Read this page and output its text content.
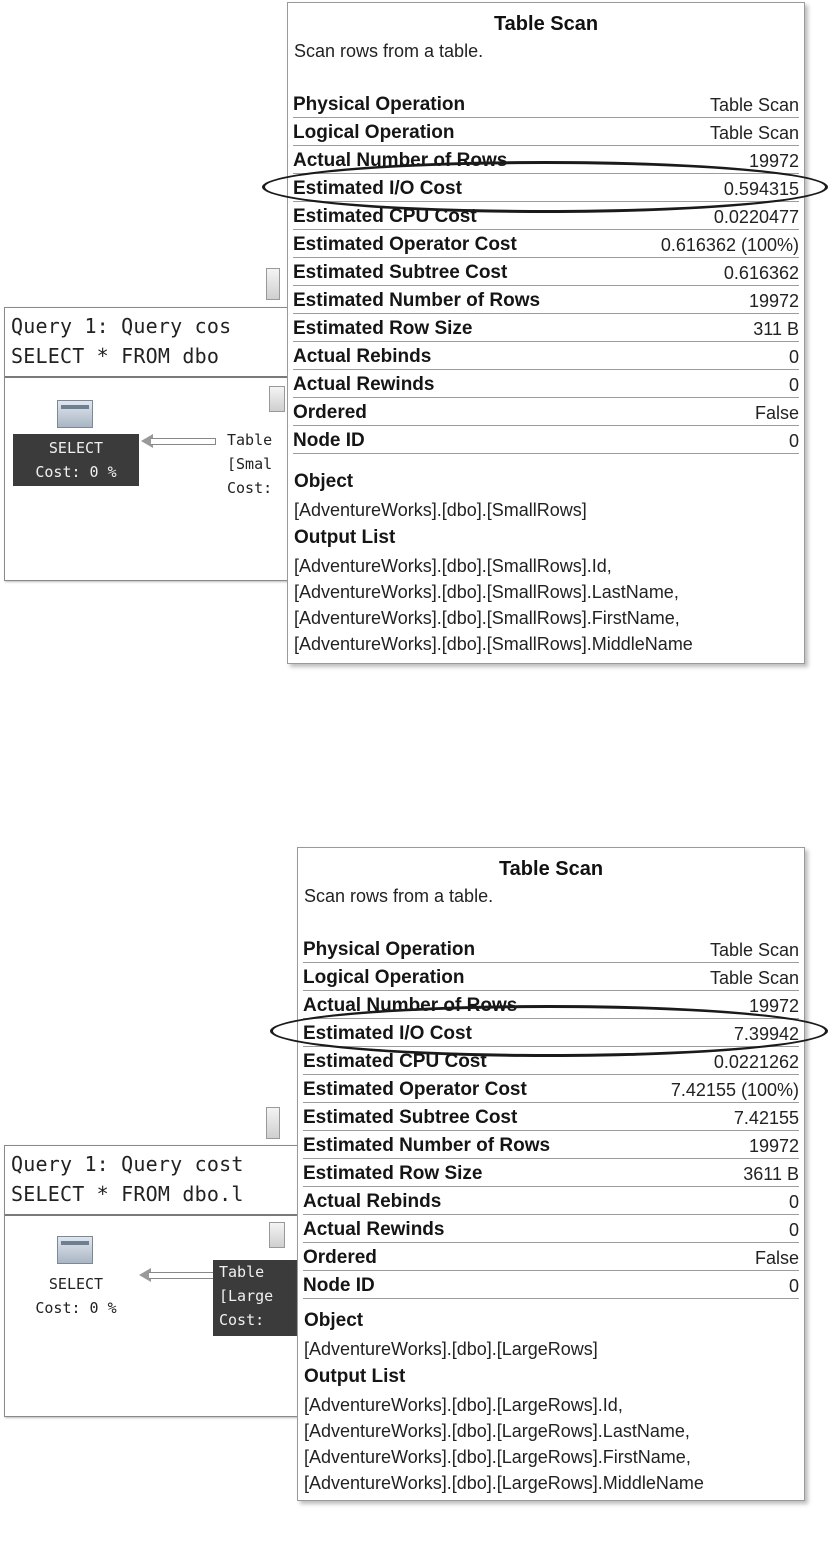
Query 1: Query cos
SELECT * FROM dbo
SELECT
Cost: 0 %
Table
[Smal
Cost:
Table Scan
Scan rows from a table.
Physical Operation	Table Scan
Logical Operation	Table Scan
Actual Number of Rows	19972
Estimated I/O Cost	0.594315
Estimated CPU Cost	0.0220477
Estimated Operator Cost	0.616362 (100%)
Estimated Subtree Cost	0.616362
Estimated Number of Rows	19972
Estimated Row Size	311 B
Actual Rebinds	0
Actual Rewinds	0
Ordered	False
Node ID	0
Object
[AdventureWorks].[dbo].[SmallRows]
Output List
[AdventureWorks].[dbo].[SmallRows].Id,
[AdventureWorks].[dbo].[SmallRows].LastName,
[AdventureWorks].[dbo].[SmallRows].FirstName,
[AdventureWorks].[dbo].[SmallRows].MiddleName
Query 1: Query cost
SELECT * FROM dbo.l
SELECT
Cost: 0 %
Table
[Large
Cost:
Table Scan
Scan rows from a table.
Physical Operation	Table Scan
Logical Operation	Table Scan
Actual Number of Rows	19972
Estimated I/O Cost	7.39942
Estimated CPU Cost	0.0221262
Estimated Operator Cost	7.42155 (100%)
Estimated Subtree Cost	7.42155
Estimated Number of Rows	19972
Estimated Row Size	3611 B
Actual Rebinds	0
Actual Rewinds	0
Ordered	False
Node ID	0
Object
[AdventureWorks].[dbo].[LargeRows]
Output List
[AdventureWorks].[dbo].[LargeRows].Id,
[AdventureWorks].[dbo].[LargeRows].LastName,
[AdventureWorks].[dbo].[LargeRows].FirstName,
[AdventureWorks].[dbo].[LargeRows].MiddleName
